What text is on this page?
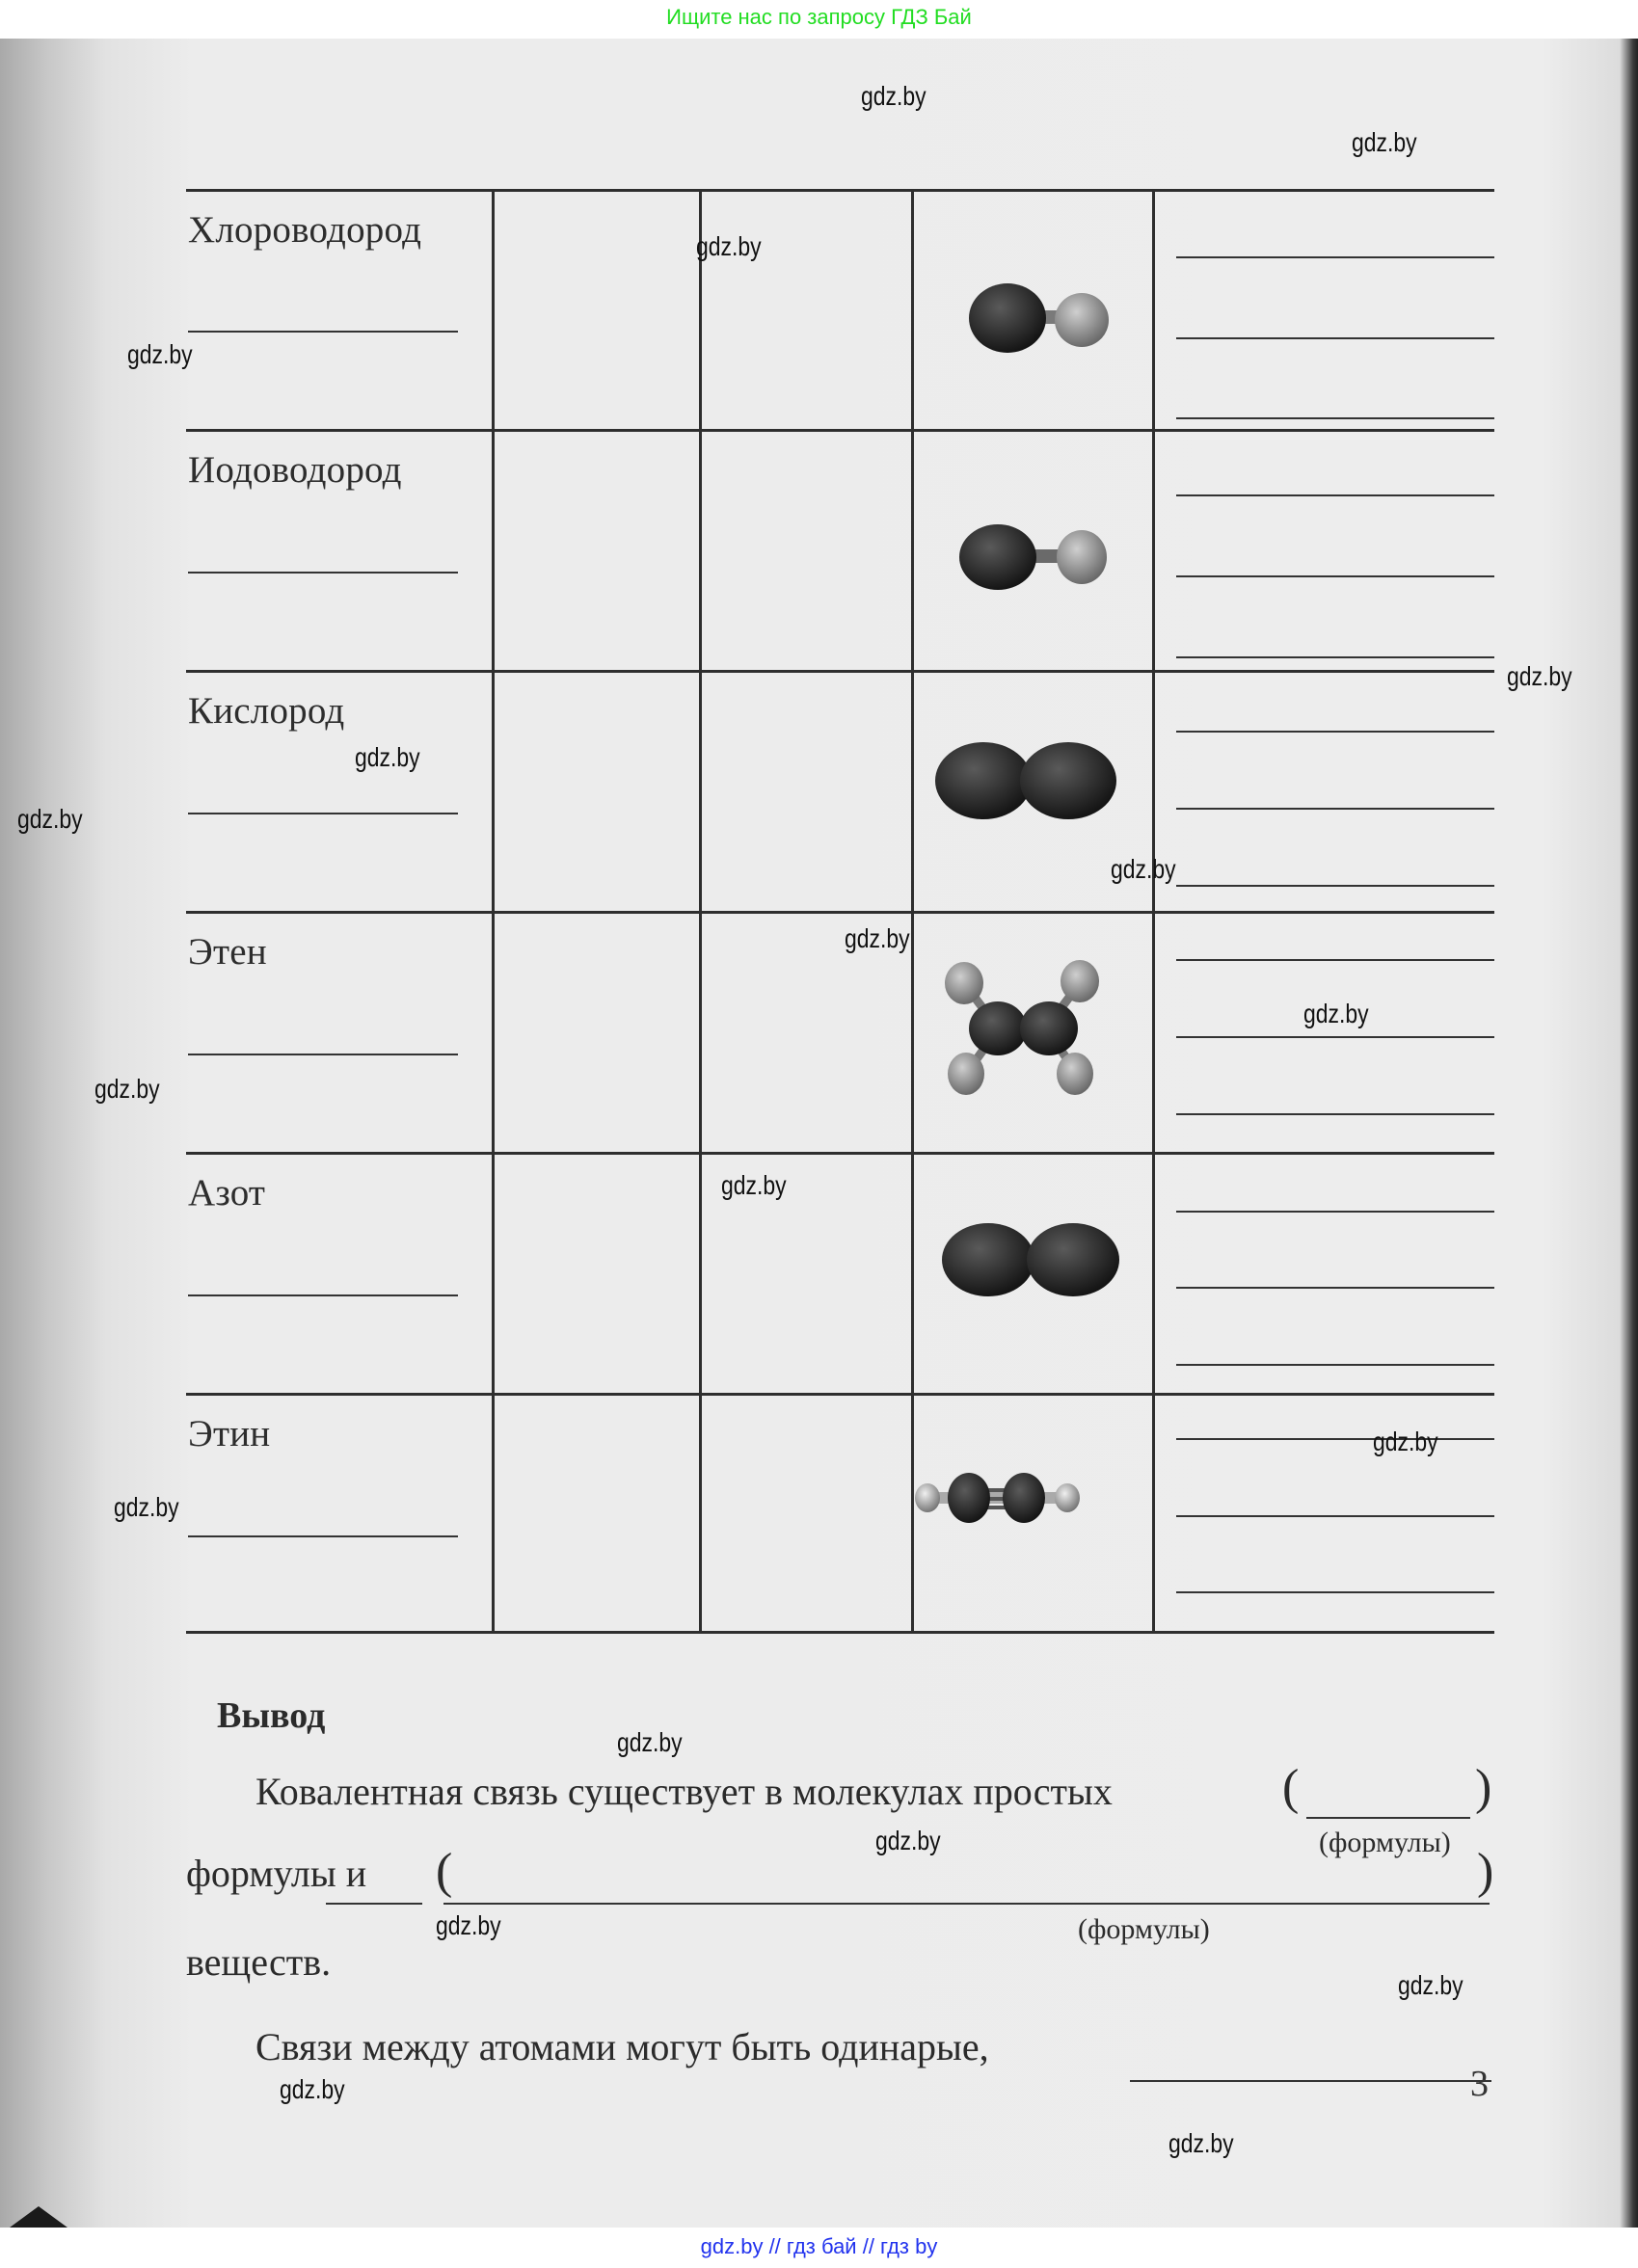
Ищите нас по запросу ГДЗ Бай
Хлороводород
Иодоводород
Кислород
Этен
Азот
Этин
Вывод
Ковалентная связь существует в молекулах простых	(	)
(формулы)
формулы и (	)
(формулы)
веществ.
Связи между атомами могут быть одинарые,
3
gdz.by
gdz.by
gdz.by
gdz.by
gdz.by
gdz.by
gdz.by
gdz.by
gdz.by
gdz.by
gdz.by
gdz.by
gdz.by
gdz.by
gdz.by
gdz.by
gdz.by
gdz.by
gdz.by
gdz.by
gdz.by // гдз бай // гдз by
